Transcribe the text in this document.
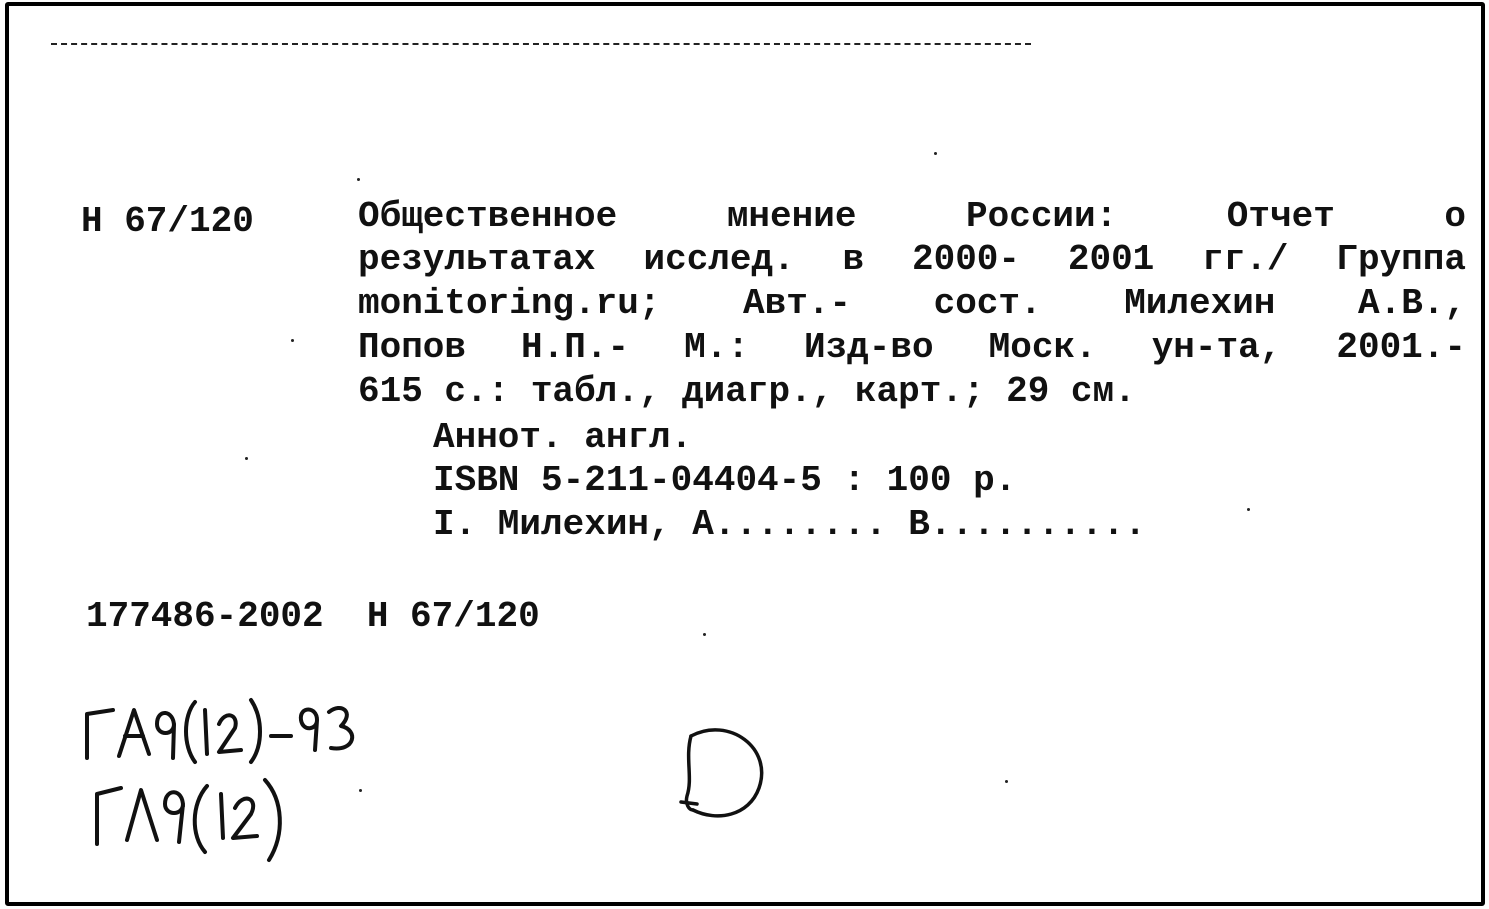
Н 67/120	Общественное мнение России: Отчет о
результатах исслед. в 2000- 2001 гг./ Группа
monitoring.ru; Авт.- сост. Милехин А.В.,
Попов Н.П.- М.: Изд-во Моск. ун-та, 2001.-
615 с.: табл., диагр., карт.; 29 см.
Аннот. англ.
ISBN 5-211-04404-5 : 100 р.
I. Милехин, А........ В..........
177486-2002  Н 67/120
